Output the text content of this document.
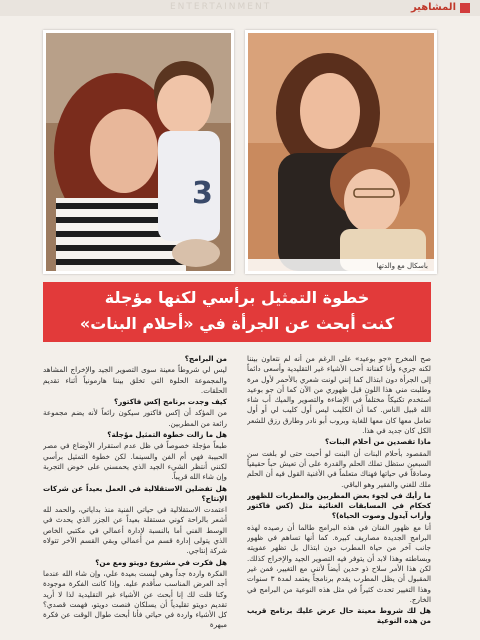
ENTERTAINMENT	المشاهير
3
باسكال مع والدتها
خطوة التمثيل برأسي لكنها مؤجلة
كنت أبحث عن الجرأة في «أحلام البنات»

صح المخرج «جو بوعيد» على الرغم من أنه لم نتعاون بيننا لكنه جريء وأنا كفنانة أحب الأشياء غير التقليدية وأسعى دائماً إلى الجرأة دون ابتذال كما إنني لونت شعري بالأحمر لأول مرة وطلبت مني هذا اللون قبل ظهوري من الآن كما أن جو بوعيد استخدم تكنيكاً مختلفاً في الإضاءة والتصوير والميك أب شاء الله قبيل الناس. كما أن الكليب ليس أول كليب لي أو أول تعامل معها كان معها للغاية وبروب أبو نادر وطارق رزق للشعر الكل كان جديد في هذا.

ماذا تقصدين من أحلام البنات؟

المقصود بأحلام البنات أن البنت لو أحبت حتى لو بلغت سن السبعين ستظل تملك الحلم والقدرة على أن تعيش حباً حقيقياً وصادقاً في حياتها فهناك متعلماً في الأغنية القول فيه أن الحلم ملك للغني والفقير وهو الباقي.

ما رأيك في لجوء بعض المطربين والمطربات للظهور كحكام في المسابقات الغنائية مثل (كس فاكتور وأراب آيدول وصوت الحياة)؟

أنا مع ظهور الفنان في هذه البرامج طالما أن رصيده لهذه البرامج الجديدة مصاريف كبيرة. كما أنها تساهم في ظهور جانب آخر من حياة المطرب دون ابتذال بل تظهر عفويته وبساطته وهذا لابد أن يتوفر فيه التصوير الجيد والإخراج كذلك. لكن هذا الأمر سلاح ذو حدين أيضاً لأنني مع التغيير، فمن غير المقبول أن يظل المطرب يقدم برنامجاً يعتمد لمدة ٣ سنوات وهذا التغيير تحدث كثيراً في مثل هذه النوعية من البرامج في الخارج.

هل لك شروط معينة حال عرض عليك برنامج قريب من هذه النوعية

من البرامج؟

ليس لي شروطاً معينة سوى التصوير الجيد والإخراج المشاهد والمجموعة الحلوة التي تخلق بيننا هارمونياً أثناء تقديم الحلقات.

كيف وجدت برنامج إكس فاكتور؟

من المؤكد أن إكس فاكتور سيكون رائعاً لأنه يضم مجموعة رائعة من المطربين.

هل ما زالت خطوة التمثيل مؤجلة؟

طبعاً مؤجلة خصوصاً في ظل عدم استقرار الأوضاع في مصر الحبيبة فهي أم الفن والسينما. لكن خطوة التمثيل برأسي لكنني أنتظر الشيء الجيد الذي يحمسني على خوض التجربة وإن شاء الله قريباً.

هل تفضلين الاستقلالية في العمل بعيداً عن شركات الإنتاج؟

اعتمدت الاستقلالية في حياتي الفنية منذ بداياتي، والحمد لله أشعر بالراحة كوني مستقلة بعيداً عن الجزر الذي يحدث في الوسط الفني أما بالنسبة لإدارة أعمالي في مكتبي الخاص الذي يتولى إدارة قسم من أعمالي وبقي القسم الآخر تتولاه شركة إنتاجي.

هل فكرت في مشروع دويتو ومع من؟

الفكرة واردة جداً وهي ليست بعيدة علي، وإن شاء الله عندما أجد العرض المناسب سأقدم عليه. وإذا كانت الفكرة موجودة وكنا قلت لك إنا أبحث عن الأشياء غير التقليدية لذا لا أريد تقديم دويتو تقليدياً أن يسلكان فنصت دويتو، فهمت قصدي؟ كل الأشياء واردة في حياتي فأنا أبحث طوال الوقت عن فكرة مبهرة
